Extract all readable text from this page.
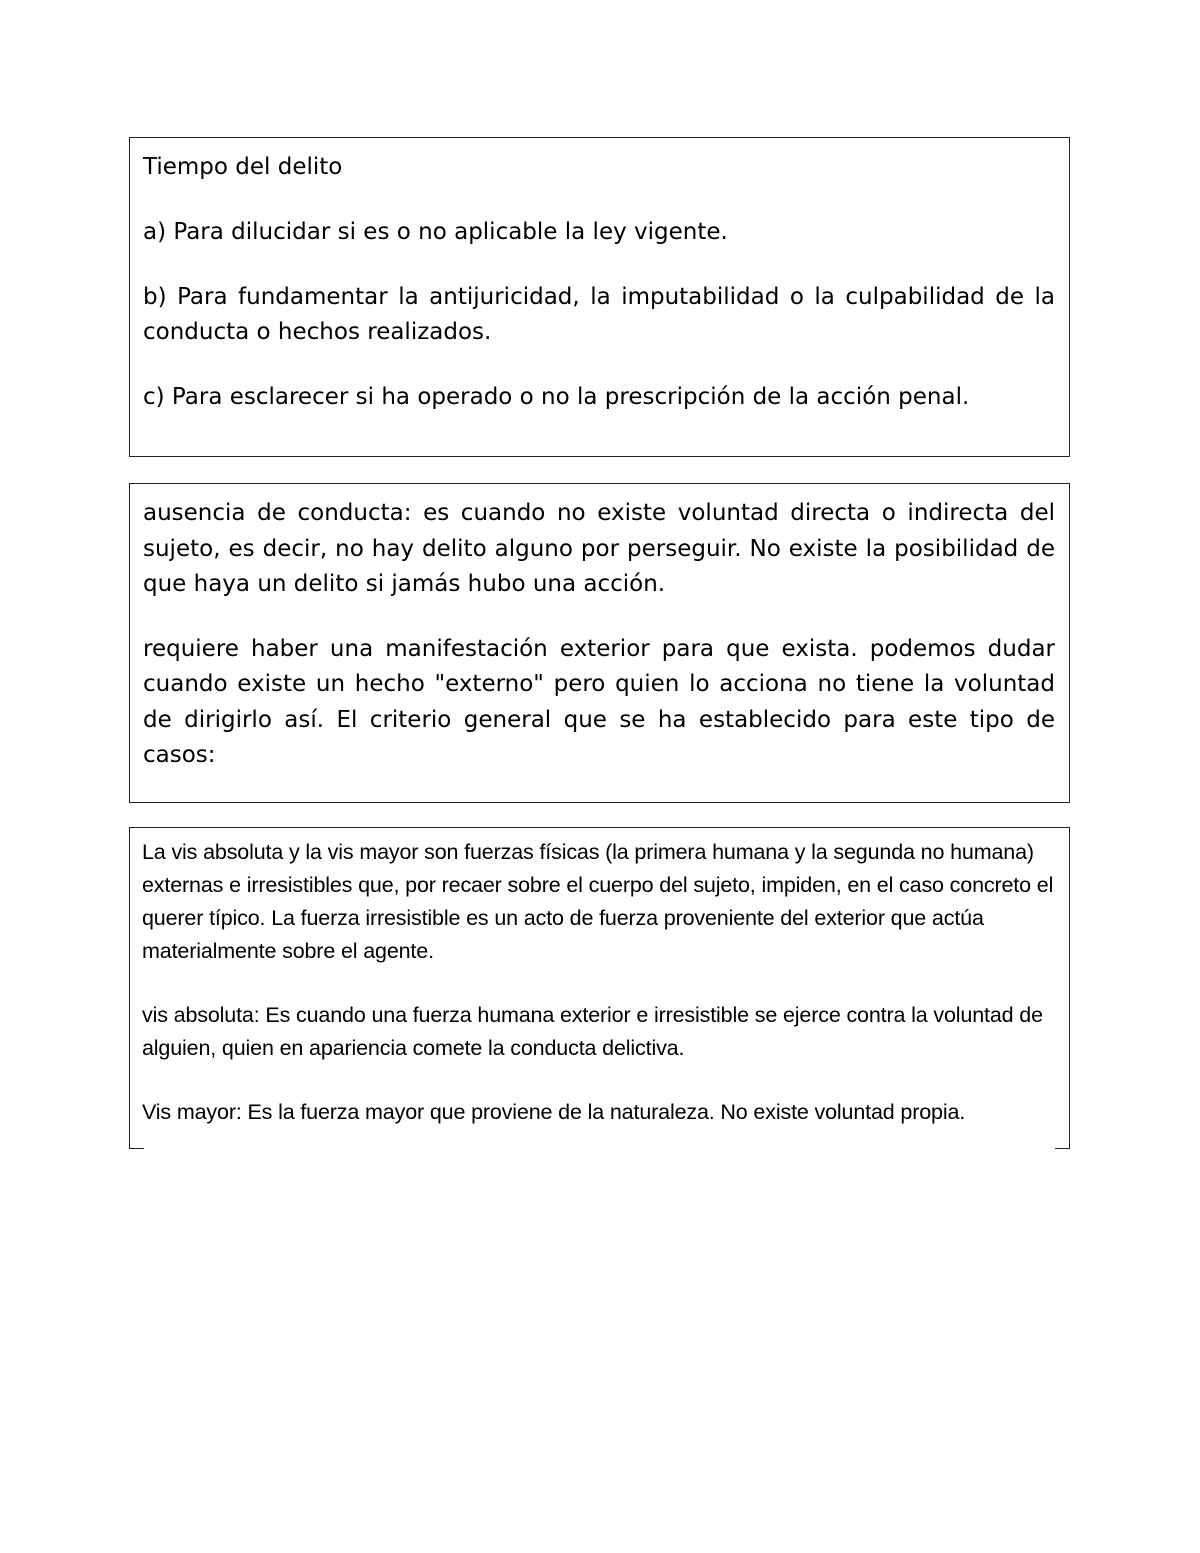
Tiempo del delito

a) Para dilucidar si es o no aplicable la ley vigente.

b) Para fundamentar la antijuricidad, la imputabilidad o la culpabilidad de la conducta o hechos realizados.

c) Para esclarecer si ha operado o no la prescripción de la acción penal.

ausencia de conducta: es cuando no existe voluntad directa o indirecta del sujeto, es decir, no hay delito alguno por perseguir. No existe la posibilidad de que haya un delito si jamás hubo una acción.

requiere haber una manifestación exterior para que exista. podemos dudar cuando existe un hecho "externo" pero quien lo acciona no tiene la voluntad de dirigirlo así. El criterio general que se ha establecido para este tipo de casos:

La vis absoluta y la vis mayor son fuerzas físicas (la primera humana y la segunda no humana) externas e irresistibles que, por recaer sobre el cuerpo del sujeto, impiden, en el caso concreto el querer típico. La fuerza irresistible es un acto de fuerza proveniente del exterior que actúa materialmente sobre el agente.

vis absoluta: Es cuando una fuerza humana exterior e irresistible se ejerce contra la voluntad de alguien, quien en apariencia comete la conducta delictiva.

Vis mayor: Es la fuerza mayor que proviene de la naturaleza. No existe voluntad propia.
